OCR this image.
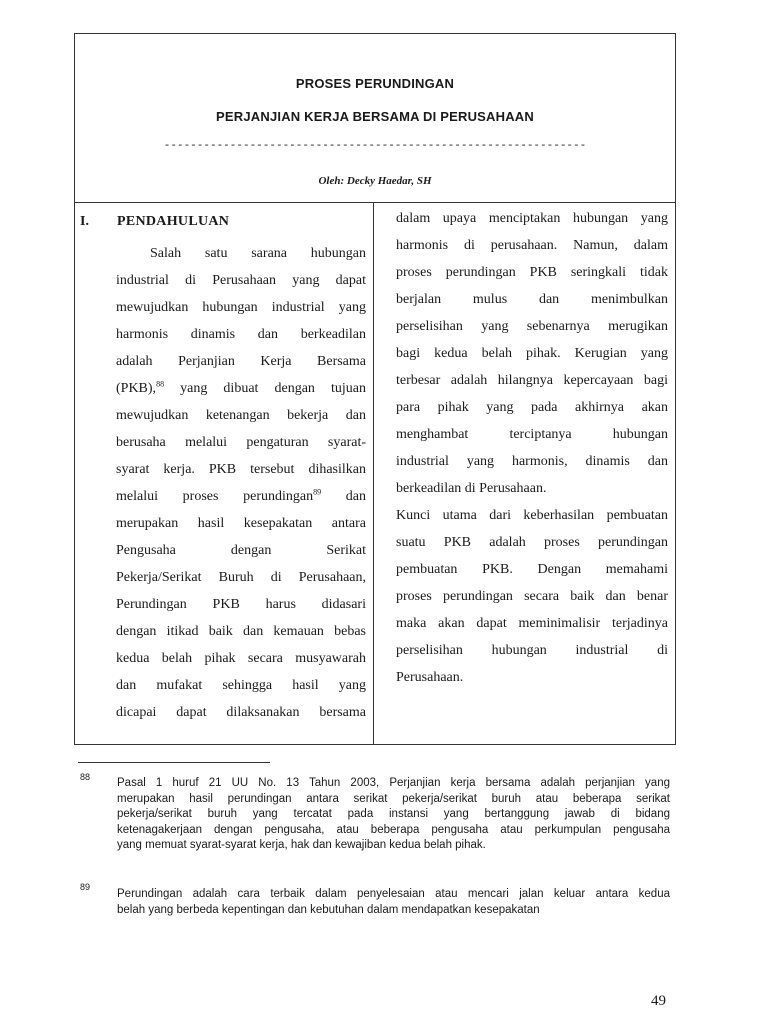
PROSES PERUNDINGAN
PERJANJIAN KERJA BERSAMA DI PERUSAHAAN
----------------------------------------------------------------
Oleh: Decky Haedar, SH
I. PENDAHULUAN
Salah satu sarana hubungan
industrial di Perusahaan yang dapat
mewujudkan hubungan industrial yang
harmonis dinamis dan berkeadilan
adalah Perjanjian Kerja Bersama
(PKB),$^{88}$ yang dibuat dengan tujuan
mewujudkan ketenangan bekerja dan
berusaha melalui pengaturan syarat-
syarat kerja. PKB tersebut dihasilkan
melalui proses perundingan$^{89}$ dan
merupakan hasil kesepakatan antara
Pengusaha dengan Serikat
Pekerja/Serikat Buruh di Perusahaan,
Perundingan PKB harus didasari
dengan itikad baik dan kemauan bebas
kedua belah pihak secara musyawarah
dan mufakat sehingga hasil yang
dicapai dapat dilaksanakan bersama
dalam upaya menciptakan hubungan yang
harmonis di perusahaan. Namun, dalam
proses perundingan PKB seringkali tidak
berjalan mulus dan menimbulkan
perselisihan yang sebenarnya merugikan
bagi kedua belah pihak. Kerugian yang
terbesar adalah hilangnya kepercayaan bagi
para pihak yang pada akhirnya akan
menghambat terciptanya hubungan
industrial yang harmonis, dinamis dan
berkeadilan di Perusahaan.
Kunci utama dari keberhasilan pembuatan
suatu PKB adalah proses perundingan
pembuatan PKB. Dengan memahami
proses perundingan secara baik dan benar
maka akan dapat meminimalisir terjadinya
perselisihan hubungan industrial di
Perusahaan.
88 Pasal 1 huruf 21 UU No. 13 Tahun 2003, Perjanjian kerja bersama adalah perjanjian yang
merupakan hasil perundingan antara serikat pekerja/serikat buruh atau beberapa serikat
pekerja/serikat buruh yang tercatat pada instansi yang bertanggung jawab di bidang
ketenagakerjaan dengan pengusaha, atau beberapa pengusaha atau perkumpulan pengusaha
yang memuat syarat-syarat kerja, hak dan kewajiban kedua belah pihak.
89
Perundingan adalah cara terbaik dalam penyelesaian atau mencari jalan keluar antara kedua
belah yang berbeda kepentingan dan kebutuhan dalam mendapatkan kesepakatan
49
